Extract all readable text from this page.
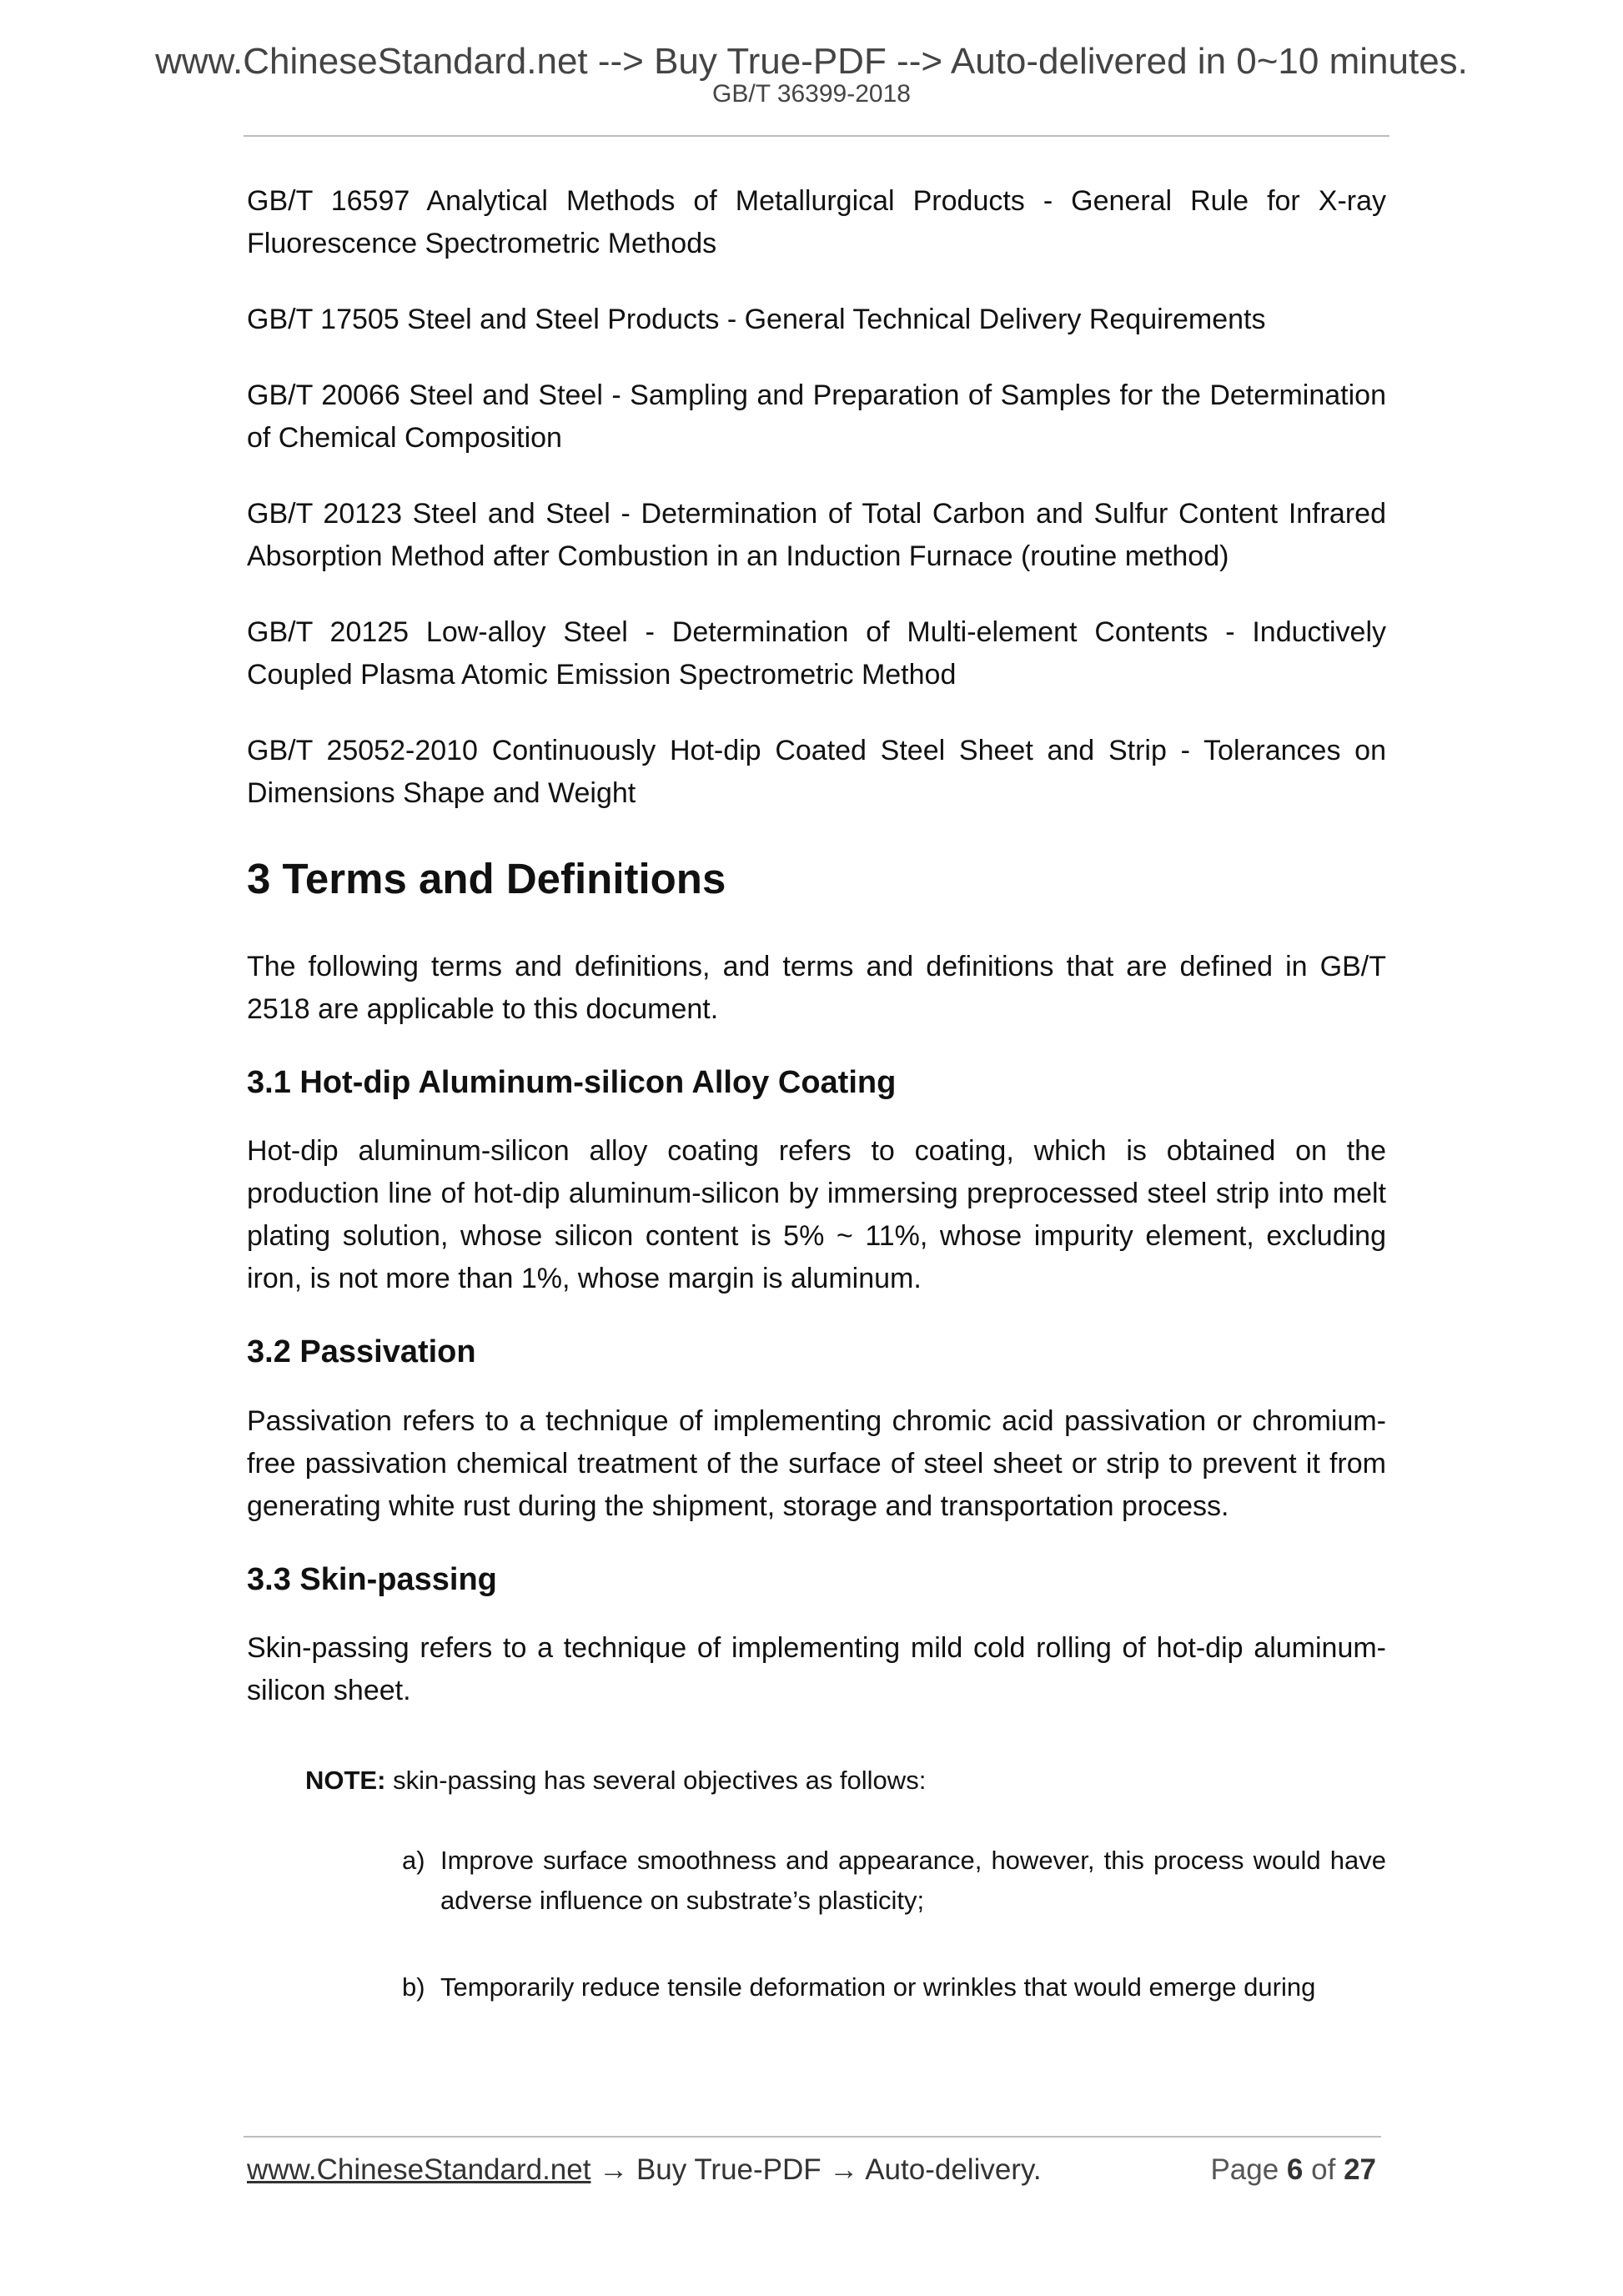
www.ChineseStandard.net --> Buy True-PDF --> Auto-delivered in 0~10 minutes.
GB/T 36399-2018

GB/T 16597 Analytical Methods of Metallurgical Products - General Rule for X-ray Fluorescence Spectrometric Methods

GB/T 17505 Steel and Steel Products - General Technical Delivery Requirements

GB/T 20066 Steel and Steel - Sampling and Preparation of Samples for the Determination of Chemical Composition

GB/T 20123 Steel and Steel - Determination of Total Carbon and Sulfur Content Infrared Absorption Method after Combustion in an Induction Furnace (routine method)

GB/T 20125 Low-alloy Steel - Determination of Multi-element Contents - Inductively Coupled Plasma Atomic Emission Spectrometric Method

GB/T 25052-2010 Continuously Hot-dip Coated Steel Sheet and Strip - Tolerances on Dimensions Shape and Weight

3 Terms and Definitions

The following terms and definitions, and terms and definitions that are defined in GB/T 2518 are applicable to this document.

3.1 Hot-dip Aluminum-silicon Alloy Coating

Hot-dip aluminum-silicon alloy coating refers to coating, which is obtained on the production line of hot-dip aluminum-silicon by immersing preprocessed steel strip into melt plating solution, whose silicon content is 5% ~ 11%, whose impurity element, excluding iron, is not more than 1%, whose margin is aluminum.

3.2 Passivation

Passivation refers to a technique of implementing chromic acid passivation or chromium-free passivation chemical treatment of the surface of steel sheet or strip to prevent it from generating white rust during the shipment, storage and transportation process.

3.3 Skin-passing

Skin-passing refers to a technique of implementing mild cold rolling of hot-dip aluminum-silicon sheet.

NOTE: skin-passing has several objectives as follows:
a) Improve surface smoothness and appearance, however, this process would have adverse influence on substrate’s plasticity;
b) Temporarily reduce tensile deformation or wrinkles that would emerge during
www.ChineseStandard.net → Buy True-PDF → Auto-delivery.	Page 6 of 27
